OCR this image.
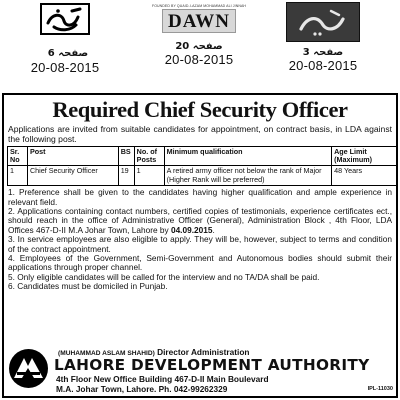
صفحہ 6
20-08-2015
FOUNDED BY QUAID-I-AZAM MOHAMMAD ALI JINNAH
DAWN
صفحہ 20
20-08-2015	صفحہ 3
20-08-2015
Required Chief Security Officer
Applications are invited from suitable candidates for appointment, on contract basis, in LDA against the following post.
Sr. No	Post	BS	No. of Posts	Minimum qualification	Age Limit (Maximum)
1	Chief Security Officer	19	1	A retired army officer not below the rank of Major (Higher Rank will be preferred)	48 Years

1. Preference shall be given to the candidates having higher qualification and ample experience in relevant field.

2. Applications containing contact numbers, certified copies of testimonials, experience certificates ect., should reach in the office of Administrative Officer (General), Administration Block , 4th Floor, LDA Offices 467-D-II M.A Johar Town, Lahore by 04.09.2015.

3. In service employees are also eligible to apply. They will be, however, subject to terms and condition of the contract appointment.

4. Employees of the Government, Semi-Government and Autonomous bodies should submit their applications through proper channel.

5. Only eligible candidates will be called for the interview and no TA/DA shall be paid.

6. Candidates must be domiciled in Punjab.

(MUHAMMAD ASLAM SHAHID) Director Administration
LAHORE DEVELOPMENT AUTHORITY
4th Floor New Office Building 467-D-II Main Boulevard
M.A. Johar Town, Lahore. Ph. 042-99262329	IPL-11030
